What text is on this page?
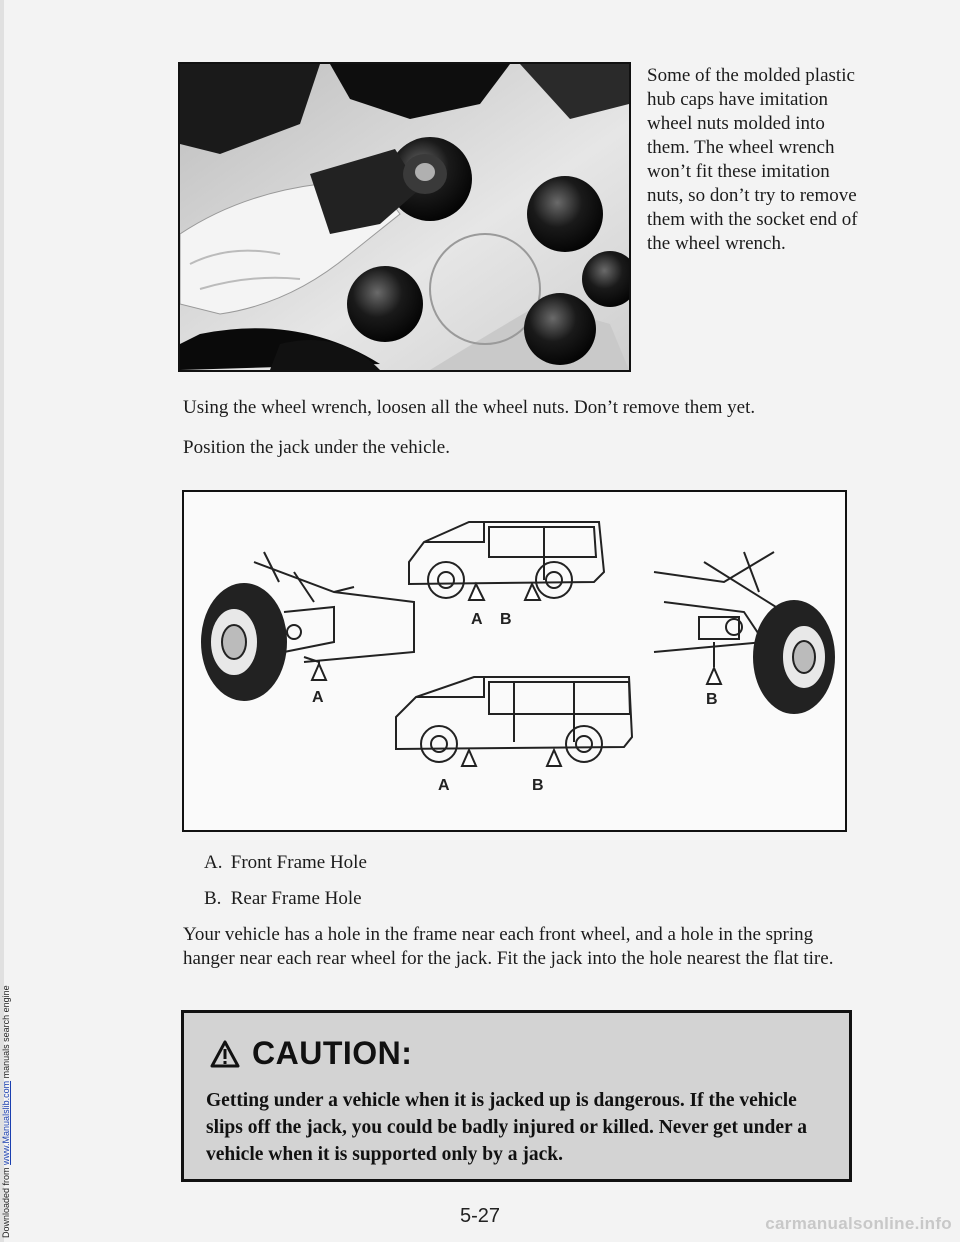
Downloaded from www.Manualslib.com manuals search engine

Some of the molded plastic hub caps have imitation wheel nuts molded into them. The wheel wrench won’t fit these imitation nuts, so don’t try to remove them with the socket end of the wheel wrench.

Using the wheel wrench, loosen all the wheel nuts. Don’t remove them yet.
Position the jack under the vehicle.
A
A B
B
A	B
A. Front Frame Hole
B. Rear Frame Hole
Your vehicle has a hole in the frame near each front wheel, and a hole in the spring hanger near each rear wheel for the jack. Fit the jack into the hole nearest the flat tire.
CAUTION:
Getting under a vehicle when it is jacked up is dangerous. If the vehicle slips off the jack, you could be badly injured or killed. Never get under a vehicle when it is supported only by a jack.
5-27	carmanualsonline.info
